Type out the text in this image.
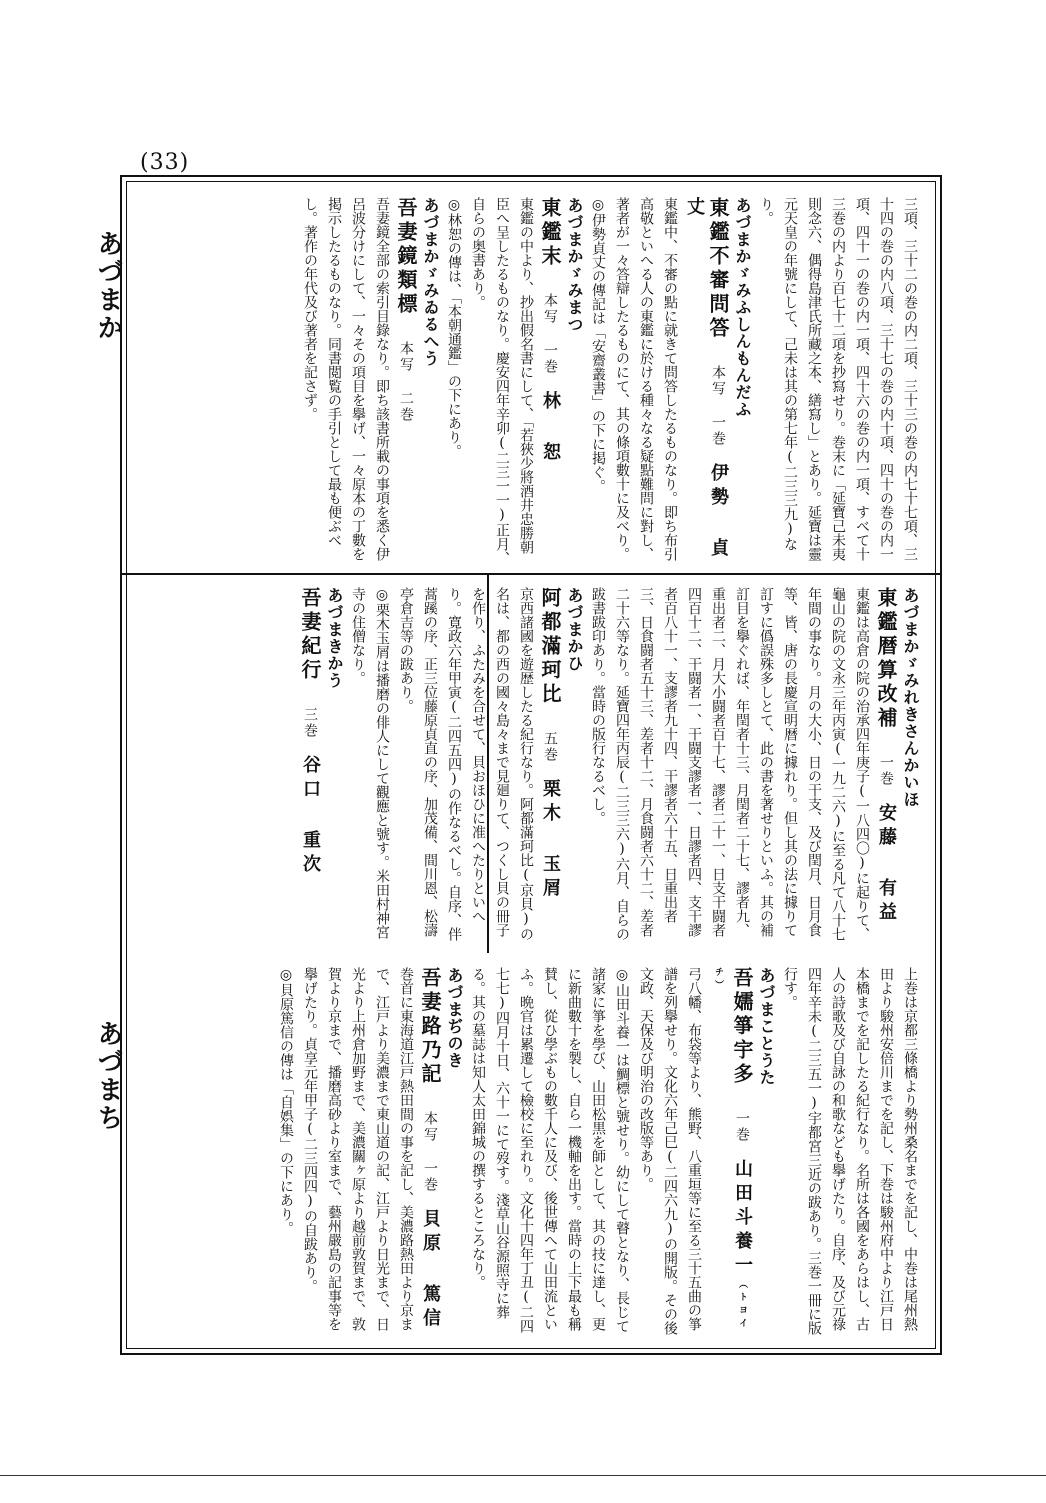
(33)
あづまか
あづまち

三項、三十二の巻の内二項、三十三の巻の内七十七項、三十四の巻の内八項、三十七の巻の内十項、四十の巻の内一項、四十一の巻の内一項、四十六の巻の内一項、すべて十三巻の内より百七十二項を抄寫せり。巻末に「延寶己未夷則念六、偶得島津氏所藏之本、繕寫し」とあり。延寶は靈元天皇の年號にして、己未は其の第七年(二三三九)なり。

あづまかゞみふしんもんだふ

東鑑不審問答　本写 一巻　伊勢 貞丈

東鑑中、不審の點に就きて問答したるものなり。即ち布引高敬といへる人の東鑑に於ける種々なる疑點難問に對し、著者が一々答辯したるものにて、其の條項數十に及べり。

◎伊勢貞丈の傳記は「安齋叢書」の下に掲ぐ。

あづまかゞみまつ

東鑑末　本写 一巻　林 恕

東鑑の中より、抄出假名書にして、「若狹少將酒井忠勝朝臣へ呈したるものなり。慶安四年辛卯(二三一一)正月、自らの奥書あり。

◎林恕の傳は、「本朝通鑑」の下にあり。

あづまかゞみゐるへう

吾妻鏡類標　本写 二巻　

吾妻鏡全部の索引目錄なり。即ち該書所載の事項を悉く伊呂波分けにして、一々その項目を擧げ、一々原本の丁數を掲示したるものなり。同書閲覧の手引として最も便ぶべし。著作の年代及び著者を記さず。

あづまかゞみれきさんかいほ

東鑑暦算改補　一巻　安藤 有益

東鑑は高倉の院の治承四年庚子(一八四〇)に起りて、龜山の院の文永三年丙寅(一九二六)に至る凡て八十七年間の事なり。月の大小、日の干支、及び閏月、日月食等、皆、唐の長慶宣明暦に據れり。但し其の法に據りて訂すに僞誤殊多しとて、此の書を著せりといふ。其の補訂目を擧ぐれば、年閏者十三、月閏者二十七、謬者九、重出者二、月大小闘者百十七、謬者二十一、日支干闘者四百十二、干闘者一、干闘支謬者一、日謬者四、支干謬者百八十一、支謬者九十四、干謬者六十五、日重出者三、日食闘者五十三、差者十二、月食闘者六十二、差者二十六等なり。延寶四年丙辰(二三三六)六月、自らの跋書跋印あり。當時の版行なるべし。

あづまかひ

阿都滿珂比　五巻　栗木 玉屑

京西諸國を遊歴したる紀行なり。阿都滿珂比(京貝)の名は、都の西の國々島々まで見廻りて、つくし貝の冊子を作り、ふたみを合せて、貝おほひに准へたりといへり。寛政六年甲寅(二四五四)の作なるべし。自序、伴蒿蹊の序、正三位藤原貞直の序、加茂備、間川恩、松濤亭倉吉等の跋あり。

◎栗木玉屑は播磨の俳人にして觀應と號す。米田村神宮寺の住僧なり。

あづまきかう

吾妻紀行　三巻　谷口 重次

上巻は京都三條橋より勢州桑名までを記し、中巻は尾州熱田より駿州安倍川までを記し、下巻は駿州府中より江戸日本橋までを記したる紀行なり。名所は各國をあらはし、古人の詩歌及び自詠の和歌なども擧げたり。自序、及び元祿四年辛未(二三五一)宇都宮三近の跋あり。三巻一冊に版行す。

あづまことうた

吾嬬箏宇多　一巻　山田斗養一（トヨイチ）

弓八幡、布袋等より、熊野、八重垣等に至る三十五曲の箏譜を列擧せり。文化六年己巳(二四六九)の開版。その後文政、天保及び明治の改版等あり。

◎山田斗養一は鯛標と號せり。幼にして瞽となり、長じて諸家に箏を學び、山田松黒を師として、其の技に達し、更に新曲數十を製し、自ら一機軸を出す。當時の上下最も稱賛し、從ひ學ぶもの數千人に及び、後世傳へて山田流といふ。晩官は累遷して檢校に至れり。文化十四年丁丑(二四七七)四月十日、六十一にて歿す。淺草山谷源照寺に葬る。其の墓誌は知人太田錦城の撰するところなり。

あづまぢのき

吾妻路乃記　本写 一巻　貝原 篤信

巻首に東海道江戸熱田間の事を記し、美濃路熱田より京まで、江戸より美濃まで東山道の記、江戸より日光まで、日光より上州倉加野まで、美濃關ヶ原より越前敦賀まで、敦賀より京まで、播磨高砂より室まで、藝州嚴島の記事等を擧げたり。貞享元年甲子(二三四四)の自跋あり。

◎貝原篤信の傳は「自娯集」の下にあり。
